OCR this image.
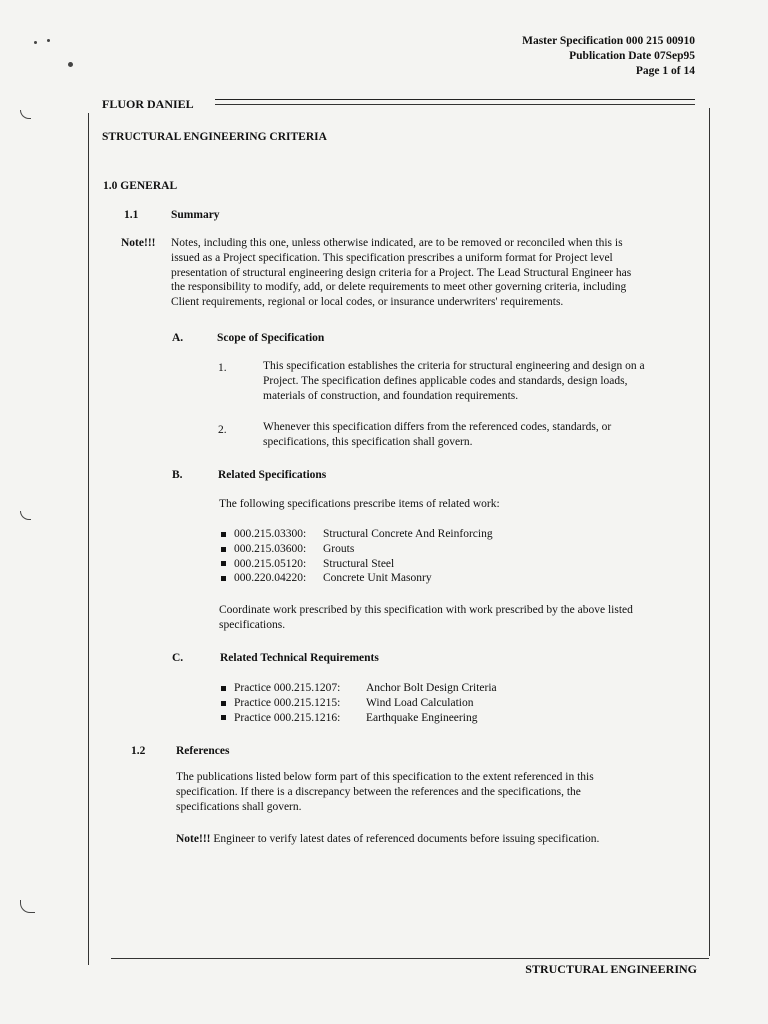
Master Specification 000 215 00910
Publication Date 07Sep95
Page 1 of 14
FLUOR DANIEL
STRUCTURAL ENGINEERING CRITERIA
1.0 GENERAL
1.1	Summary
Note!!! Notes, including this one, unless otherwise indicated, are to be removed or reconciled when this is
issued as a Project specification. This specification prescribes a uniform format for Project level
presentation of structural engineering design criteria for a Project. The Lead Structural Engineer has
the responsibility to modify, add, or delete requirements to meet other governing criteria, including
Client requirements, regional or local codes, or insurance underwriters' requirements.
A.	Scope of Specification
1.	This specification establishes the criteria for structural engineering and design on a
Project. The specification defines applicable codes and standards, design loads,
materials of construction, and foundation requirements.
2.	Whenever this specification differs from the referenced codes, standards, or
specifications, this specification shall govern.
B.	Related Specifications
The following specifications prescribe items of related work:
000.215.03300: Structural Concrete And Reinforcing
000.215.03600: Grouts
000.215.05120: Structural Steel
000.220.04220: Concrete Unit Masonry
Coordinate work prescribed by this specification with work prescribed by the above listed
specifications.
C.	Related Technical Requirements
Practice 000.215.1207: Anchor Bolt Design Criteria
Practice 000.215.1215: Wind Load Calculation
Practice 000.215.1216: Earthquake Engineering
1.2	References
The publications listed below form part of this specification to the extent referenced in this
specification. If there is a discrepancy between the references and the specifications, the
specifications shall govern.
Note!!! Engineer to verify latest dates of referenced documents before issuing specification.
STRUCTURAL ENGINEERING
